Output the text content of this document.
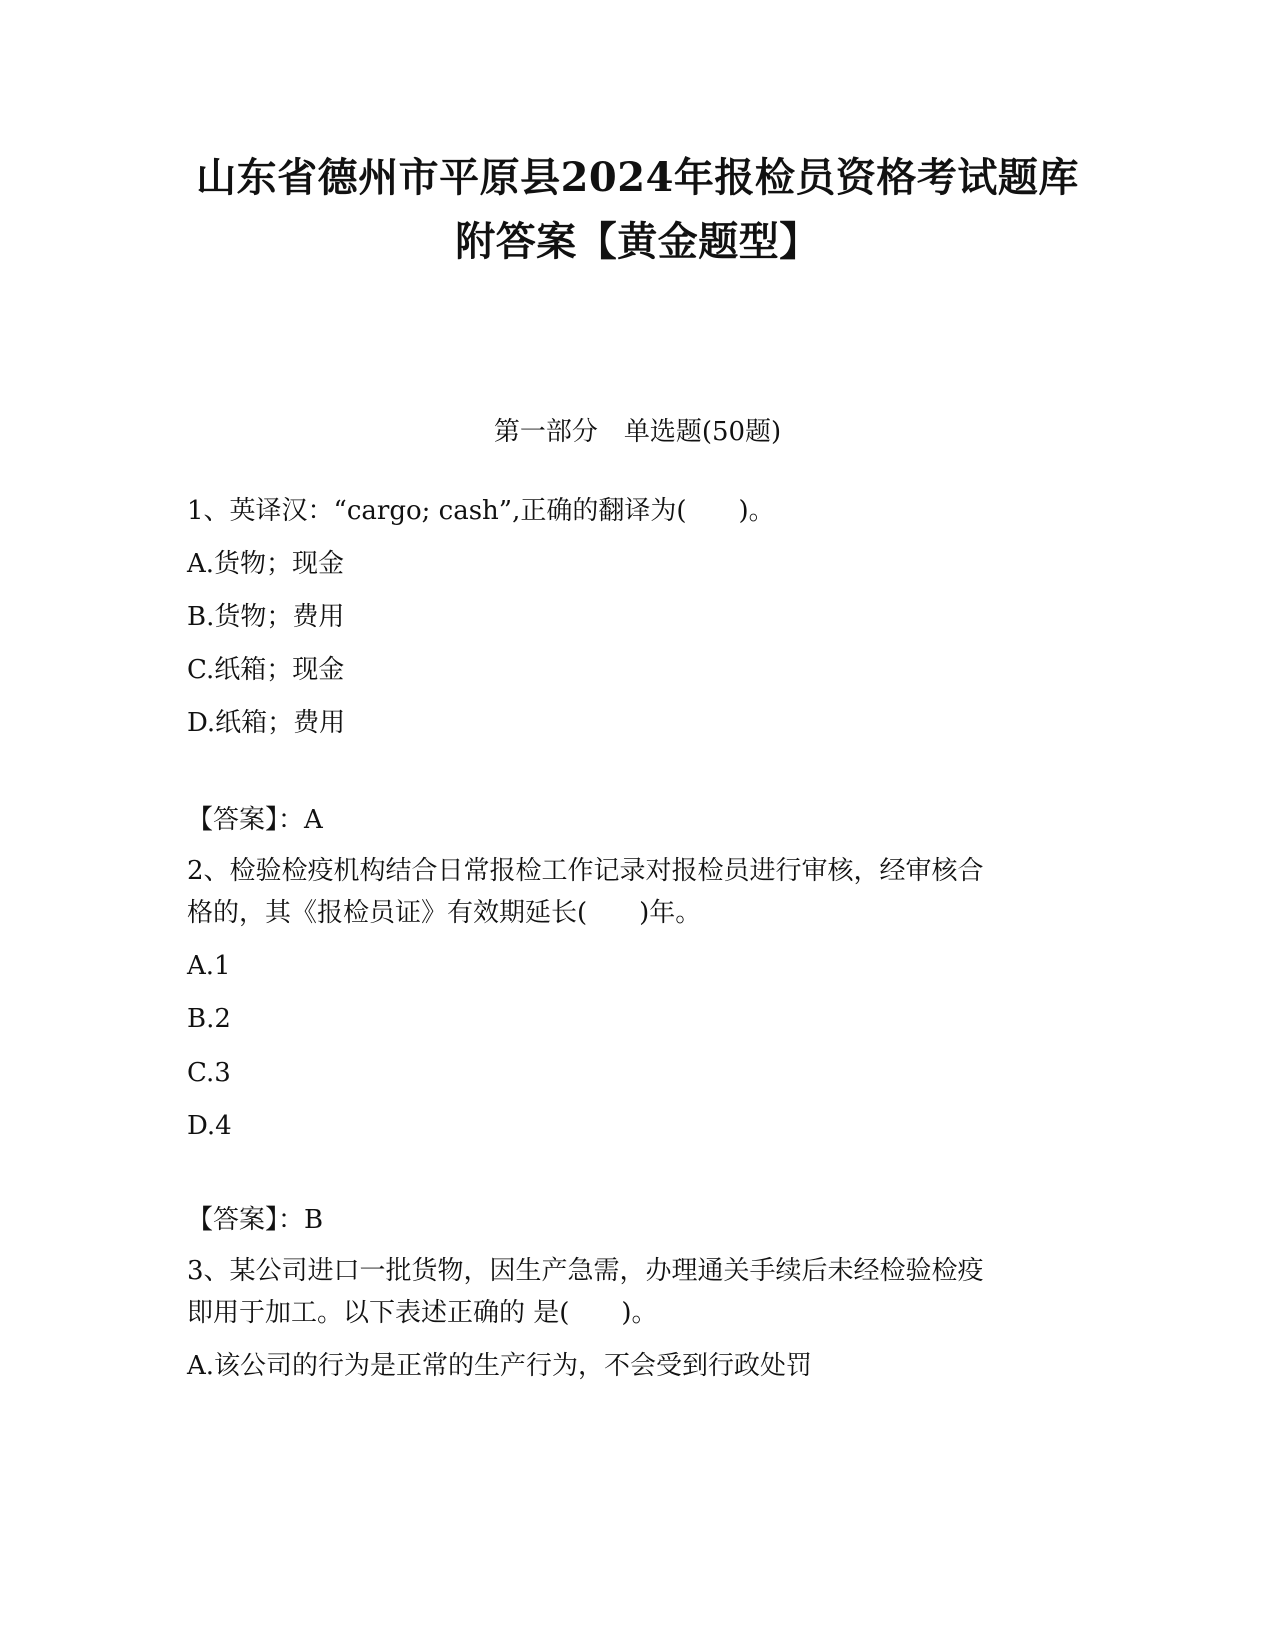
山东省德州市平原县2024年报检员资格考试题库
附答案【黄金题型】
第一部分　单选题(50题)
1、英译汉：“cargo; cash”,正确的翻译为(　　)。
A.货物；现金
B.货物；费用
C.纸箱；现金
D.纸箱；费用
【答案】：A
2、检验检疫机构结合日常报检工作记录对报检员进行审核，经审核合
格的，其《报检员证》有效期延长(　　)年。
A.1
B.2
C.3
D.4
【答案】：B
3、某公司进口一批货物，因生产急需，办理通关手续后未经检验检疫
即用于加工。以下表述正确的 是(　　)。
A.该公司的行为是正常的生产行为，不会受到行政处罚
